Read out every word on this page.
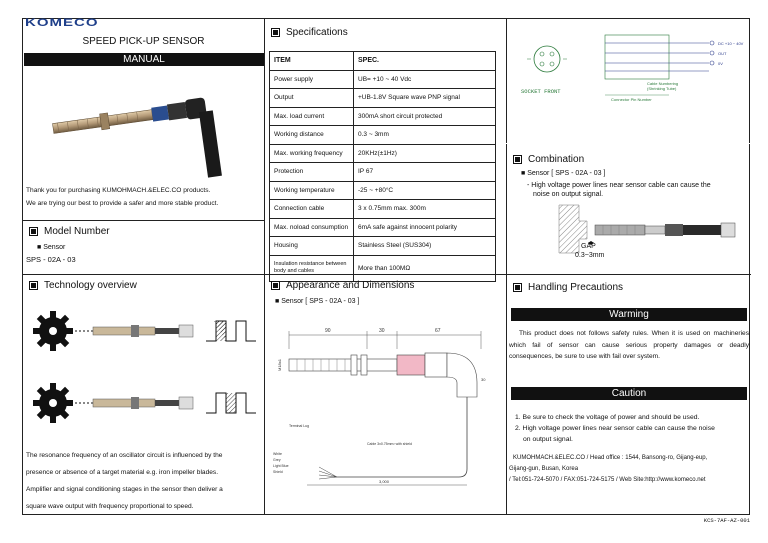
KOMECO
SPEED PICK-UP SENSOR
MANUAL
Thank you for purchasing KUMOHMACH.&ELEC.CO products.
We are trying our best to provide a safer and more stable product.
Model Number
■ Sensor
SPS - 02A - 03
Technology overview
The resonance frequency of an oscillator circuit is influenced by the
presence or absence of a target material e.g. iron impeller blades.
Amplifier and signal conditioning stages in the sensor then deliver a
square wave output with frequency proportional to speed.
Specifications
ITEM	SPEC.
Power supply	UB= +10 ~ 40 Vdc
Output	+UB-1.8V Square wave PNP signal
Max. load current	300mA short circuit protected
Working distance	0.3 ~ 3mm
Max. working frequency	20KHz(±1Hz)
Protection	IP 67
Working temperature	-25 ~ +80°C
Connection cable	3 x 0.75mm max. 300m
Max. noload consumption	6mA safe against innocent polarity
Housing	Stainless Steel (SUS304)
Insulation resistance between body and cables	More than 100MΩ
Appearance and Dimensions
■ Sensor [ SPS - 02A - 03 ]
90	30	67
M18x1
30
Terminal Lug
Cable 3x0.75mm² with shield
White
Grey
Light Blue
Shield
3,000
SOCKET FRONT
DC +10 ~ 40V
OUT
0V
Cable Numbering
(Shrinking Tube)
Connector Pin Number
Combination
■ Sensor [ SPS - 02A - 03 ]
- High voltage power lines near sensor cable can cause the
noise on output signal.
GAP
0.3~3mm
Handling Precautions
Warming
This product does not follows safety rules. When it is used on machineries which fail of sensor can cause serious property damages or deadly consequences, be sure to use with fail over system.
Caution
1. Be sure to check the voltage of power and should be used.
2. High voltage power lines near sensor cable can cause the noise
on output signal.
KUMOHMACH.&ELEC.CO / Head office : 1544, Bansong-ro, Gijang-eup,
Gijang-gun, Busan, Korea
/ Tel:051-724-5070 / FAX:051-724-5175 / Web Site:http://www.komeco.net
KCS-7AF-AZ-001
